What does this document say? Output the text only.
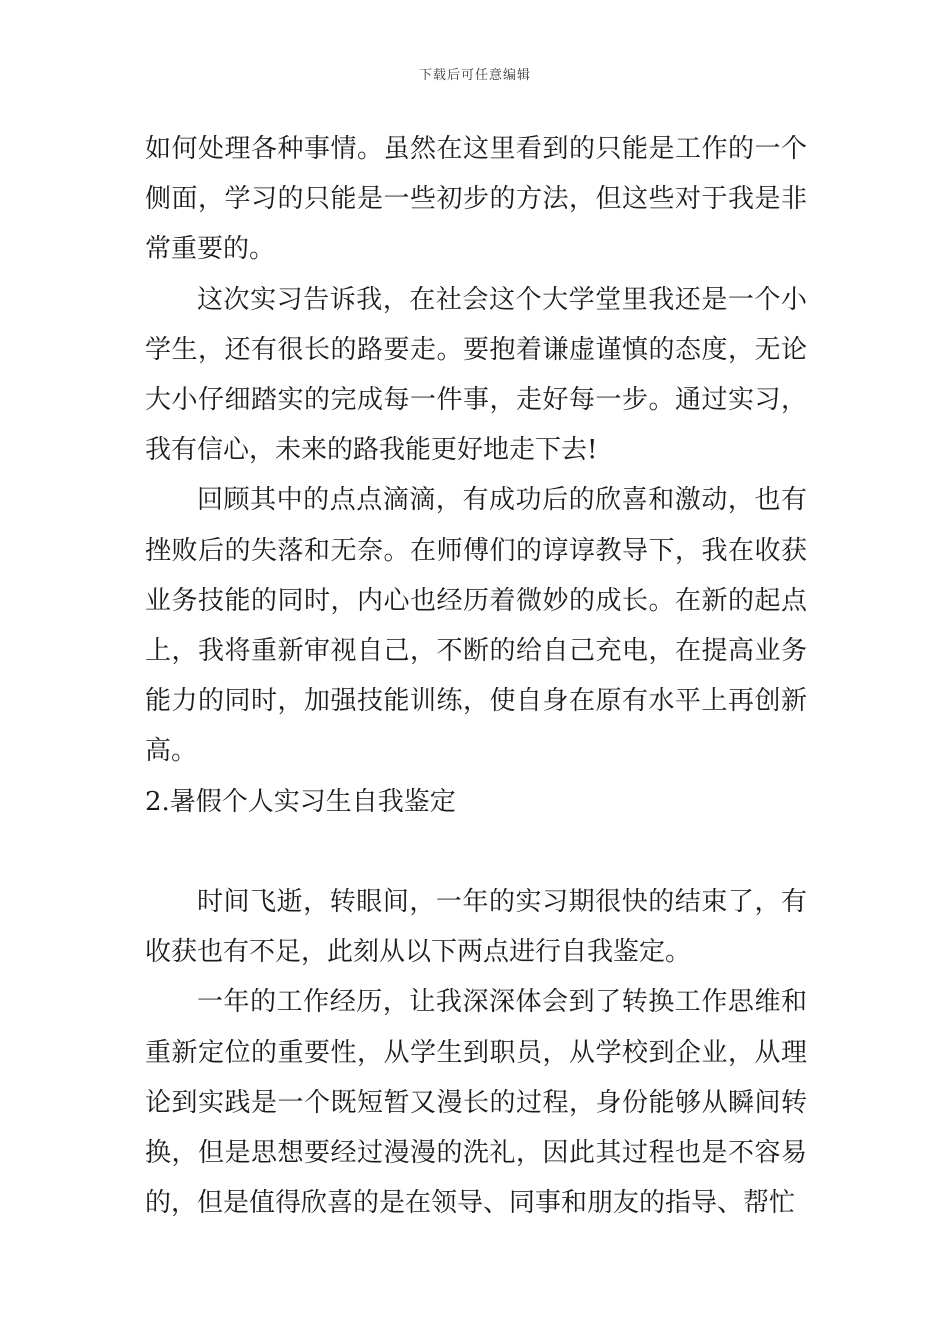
下载后可任意编辑

如何处理各种事情。虽然在这里看到的只能是工作的一个侧面，学习的只能是一些初步的方法，但这些对于我是非常重要的。

这次实习告诉我，在社会这个大学堂里我还是一个小学生，还有很长的路要走。要抱着谦虚谨慎的态度，无论大小仔细踏实的完成每一件事，走好每一步。通过实习，我有信心，未来的路我能更好地走下去!

回顾其中的点点滴滴，有成功后的欣喜和激动，也有挫败后的失落和无奈。在师傅们的谆谆教导下，我在收获业务技能的同时，内心也经历着微妙的成长。在新的起点上，我将重新审视自己，不断的给自己充电，在提高业务能力的同时，加强技能训练，使自身在原有水平上再创新高。

2.暑假个人实习生自我鉴定

时间飞逝，转眼间，一年的实习期很快的结束了，有收获也有不足，此刻从以下两点进行自我鉴定。

一年的工作经历，让我深深体会到了转换工作思维和重新定位的重要性，从学生到职员，从学校到企业，从理论到实践是一个既短暂又漫长的过程，身份能够从瞬间转换，但是思想要经过漫漫的洗礼，因此其过程也是不容易的，但是值得欣喜的是在领导、同事和朋友的指导、帮忙
